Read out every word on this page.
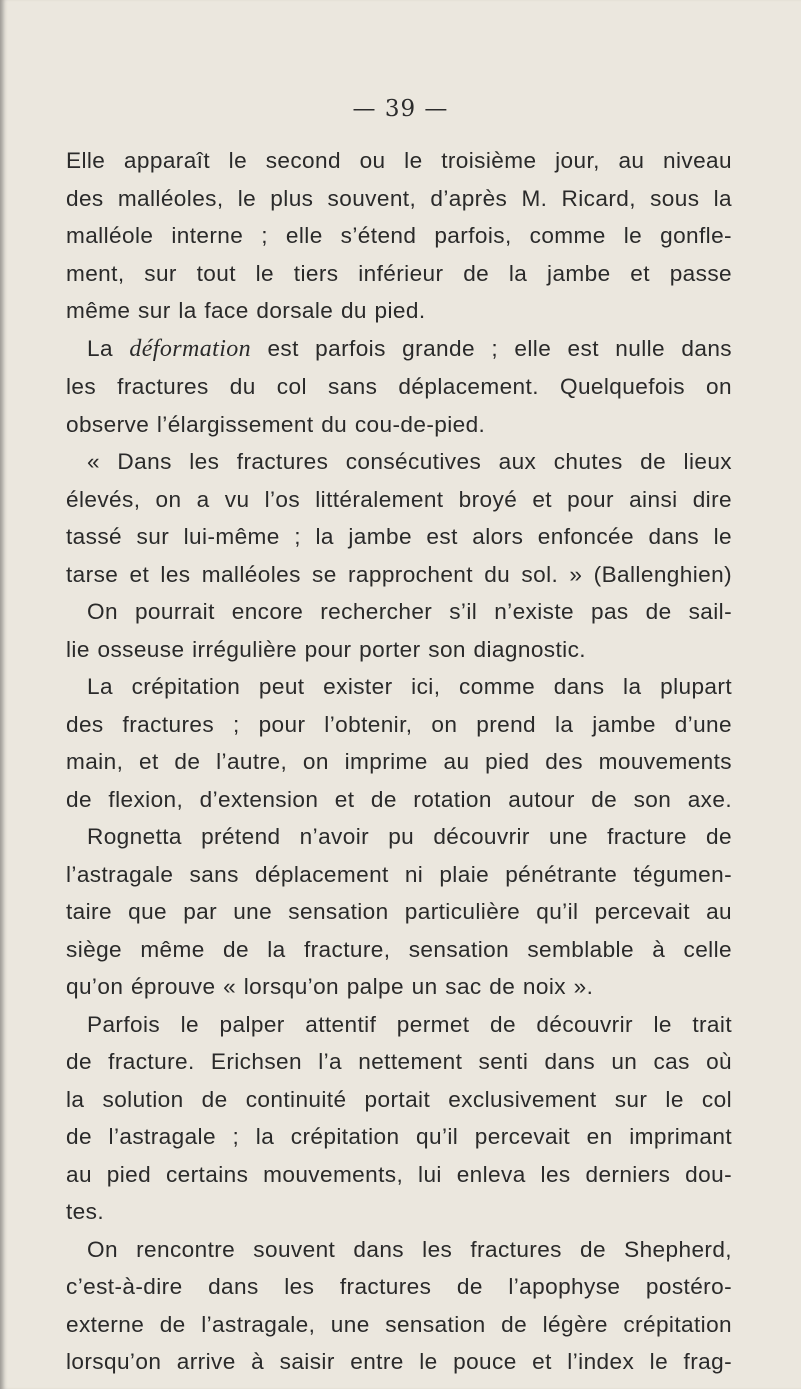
— 39 —
Elle apparaît le second ou le troisième jour, au niveau
des malléoles, le plus souvent, d’après M. Ricard, sous la
malléole interne ; elle s’étend parfois, comme le gonfle-
ment, sur tout le tiers inférieur de la jambe et passe
même sur la face dorsale du pied.
La déformation est parfois grande ; elle est nulle dans
les fractures du col sans déplacement. Quelquefois on
observe l’élargissement du cou-de-pied.
« Dans les fractures consécutives aux chutes de lieux
élevés, on a vu l’os littéralement broyé et pour ainsi dire
tassé sur lui-même ; la jambe est alors enfoncée dans le
tarse et les malléoles se rapprochent du sol. » (Ballenghien)
On pourrait encore rechercher s’il n’existe pas de sail-
lie osseuse irrégulière pour porter son diagnostic.
La crépitation peut exister ici, comme dans la plupart
des fractures ; pour l’obtenir, on prend la jambe d’une
main, et de l’autre, on imprime au pied des mouvements
de flexion, d’extension et de rotation autour de son axe.
Rognetta prétend n’avoir pu découvrir une fracture de
l’astragale sans déplacement ni plaie pénétrante tégumen-
taire que par une sensation particulière qu’il percevait au
siège même de la fracture, sensation semblable à celle
qu’on éprouve « lorsqu’on palpe un sac de noix ».
Parfois le palper attentif permet de découvrir le trait
de fracture. Erichsen l’a nettement senti dans un cas où
la solution de continuité portait exclusivement sur le col
de l’astragale ; la crépitation qu’il percevait en imprimant
au pied certains mouvements, lui enleva les derniers dou-
tes.
On rencontre souvent dans les fractures de Shepherd,
c’est-à-dire dans les fractures de l’apophyse postéro-
externe de l’astragale, une sensation de légère crépitation
lorsqu’on arrive à saisir entre le pouce et l’index le frag-
